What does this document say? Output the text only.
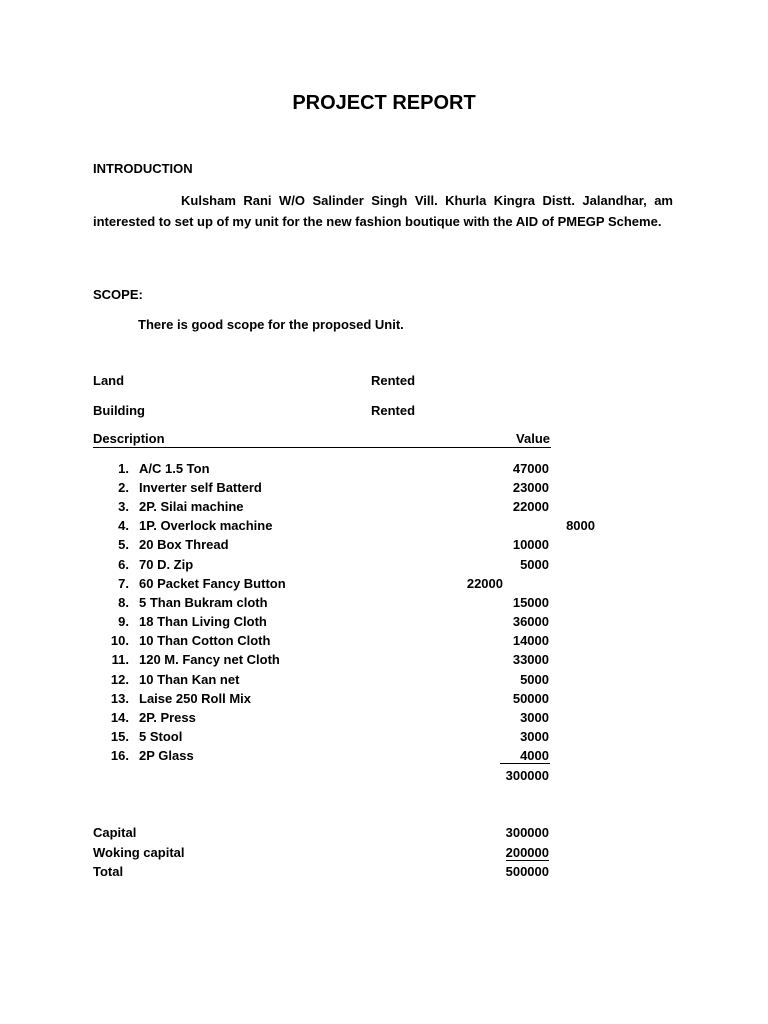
PROJECT REPORT
INTRODUCTION
Kulsham Rani W/O Salinder Singh Vill. Khurla Kingra Distt. Jalandhar, am interested to set up of my unit for the new fashion boutique with the AID of PMEGP Scheme.
SCOPE:
There is good scope for the proposed Unit.
Land	Rented
Building	Rented
Description	Value
1. A/C 1.5 Ton	47000
2. Inverter self Batterd	23000
3. 2P. Silai machine	22000
4. 1P. Overlock machine	8000
5. 20 Box Thread	10000
6. 70 D. Zip	5000
7. 60 Packet Fancy Button	22000
8. 5 Than Bukram cloth	15000
9. 18 Than Living Cloth	36000
10. 10 Than Cotton Cloth	14000
11. 120 M. Fancy net Cloth	33000
12. 10 Than Kan net	5000
13. Laise 250 Roll Mix	50000
14. 2P. Press	3000
15. 5 Stool	3000
16. 2P Glass	4000
300000
Capital	300000
Woking capital	200000
Total	500000
